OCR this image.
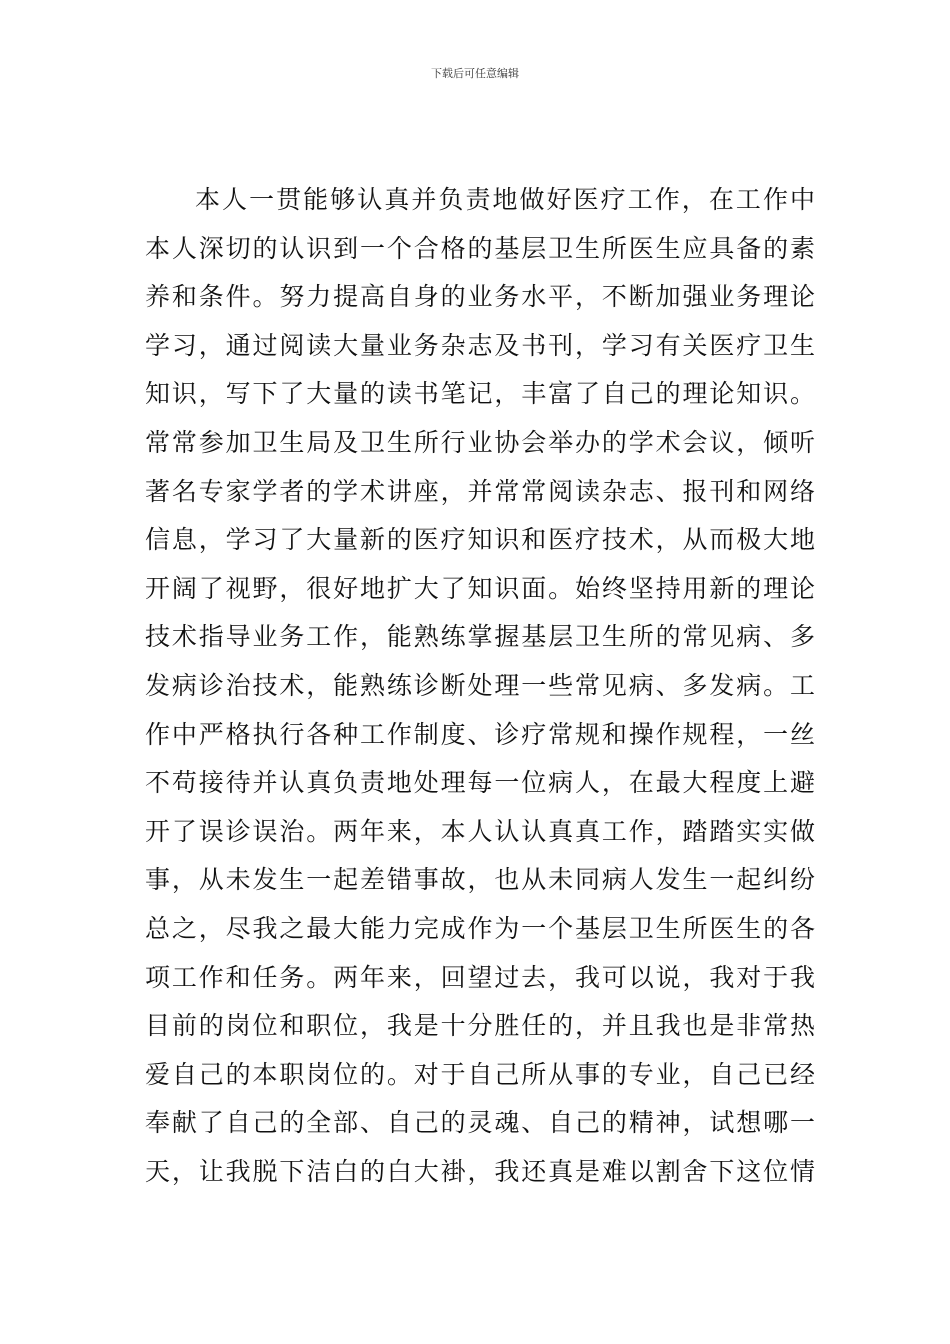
下载后可任意编辑
本人一贯能够认真并负责地做好医疗工作，在工作中
本人深切的认识到一个合格的基层卫生所医生应具备的素
养和条件。努力提高自身的业务水平，不断加强业务理论
学习，通过阅读大量业务杂志及书刊，学习有关医疗卫生
知识，写下了大量的读书笔记，丰富了自己的理论知识。
常常参加卫生局及卫生所行业协会举办的学术会议，倾听
著名专家学者的学术讲座，并常常阅读杂志、报刊和网络
信息，学习了大量新的医疗知识和医疗技术，从而极大地
开阔了视野，很好地扩大了知识面。始终坚持用新的理论
技术指导业务工作，能熟练掌握基层卫生所的常见病、多
发病诊治技术，能熟练诊断处理一些常见病、多发病。工
作中严格执行各种工作制度、诊疗常规和操作规程，一丝
不苟接待并认真负责地处理每一位病人，在最大程度上避
开了误诊误治。两年来，本人认认真真工作，踏踏实实做
事，从未发生一起差错事故，也从未同病人发生一起纠纷
总之，尽我之最大能力完成作为一个基层卫生所医生的各
项工作和任务。两年来，回望过去，我可以说，我对于我
目前的岗位和职位，我是十分胜任的，并且我也是非常热
爱自己的本职岗位的。对于自己所从事的专业，自己已经
奉献了自己的全部、自己的灵魂、自己的精神，试想哪一
天，让我脱下洁白的白大褂，我还真是难以割舍下这位情
